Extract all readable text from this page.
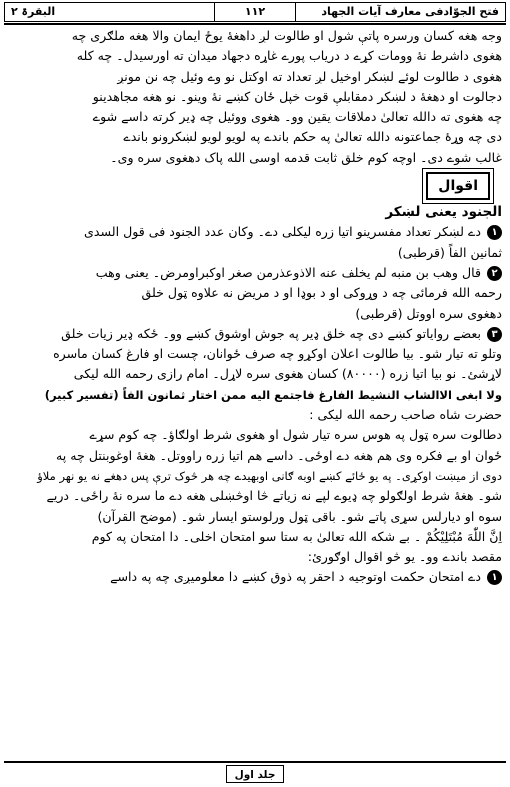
البقرۃ ۲	۱۱۲	فتح الجوّادفی معارف آیات الجهاد
وجه هغه کسان ورسره پاتې شول او طالوت لږ داهغهٔ یوځ ایمان والا هغه ملګری چه
هغوی داشرط نهٔ وومات کړے د دریاب پورے غاړه دجهاد میدان ته اورسیدل۔ چه کله
هغوی د طالوت لوئے لښکر اوخیل لږ تعداد ته اوکتل نو وے وئیل چه نن مونږ
دجالوت او دهغهٔ د لښکر دمقابلې قوت خپل ځان کښے نهٔ وینو۔ نو هغه مجاهدینو
چه هغوی ته دالله تعالیٰ دملاقات یقین وو۔ هغوی ووئیل چه ډیر کرته داسے شوے
دی چه وړهٔ جماعتونه دالله تعالیٰ په حکم باندے په لویو لویو لښکرونو باندے
غالب شوے دی۔ اوچه کوم خلق ثابت قدمه اوسی الله پاک دهغوی سره وی۔
اقوال
الجنود یعنی لښکر
۱دے لښکر تعداد مفسرینو اتیا زره لیکلی دے۔ وکان عدد الجنود فی قول السدی
ثمانین الفاً (قرطبی)
۲قال وهب بن منبه لم یخلف عنه الاذوعذرمن صغر اوکبراومرض۔ یعنی وهب
رحمه الله فرمائی چه د وړوکی او د بوډا او د مریض نه علاوه ټول خلق
دهغوی سره اووتل (قرطبی)
۳بعضے روایاتو کښے دی چه خلق ډیر په جوش اوشوق کښے وو۔ ځکه ډیر زیات خلق
وتلو ته تیار شو۔ بیا طالوت اعلان اوکړو چه صرف ځوانان، چست او فارغ کسان ماسره
لاړشئ۔ نو بیا اتیا زره (۸۰۰۰۰) کسان هغوی سره لاړل۔ امام رازی رحمه الله لیکی
ولا ابغی الاالشاب النشیط الفارغ فاجتمع الیه ممن اختار ثمانون الفاً (تفسیر کبیر)
حضرت شاه صاحب رحمه الله لیکی :
دطالوت سره ټول په هوس سره تیار شول او هغوی شرط اولګاؤ۔ چه کوم سړے
ځوان او بے فکره وی هم هغه دے اوځی۔ داسے هم اتیا زره راووتل۔ هغهٔ اوغوبنتل چه په
دوی از میښت اوکړی۔ په یو ځائے کښے اوبه ګانی اوبهیدے چه هر څوک ترې پس دهغے نه یو نهر ملاؤ
شو۔ هغهٔ شرط اولګولو چه ډیوے لپے نه زیاتے څا اوڅښلی هغه دے ما سره نهٔ راځی۔ دریے
سوه او دیارلس سړی پاتے شو۔ باقی ټول ورلوستو ایسار شو۔ (موضح القرآن)
اِنَّ اللّٰهَ مُبْتَلِيْكُمْ ۔ بے شکه الله تعالیٰ به ستا سو امتحان اخلی۔ دا امتحان په کوم
مقصد باندے وو۔ یو څو اقوال اوګورئ:
۱دے امتحان حکمت اوتوجیه د احقر په ذوق کښے دا معلومیږی چه په داسے
جلد اول
